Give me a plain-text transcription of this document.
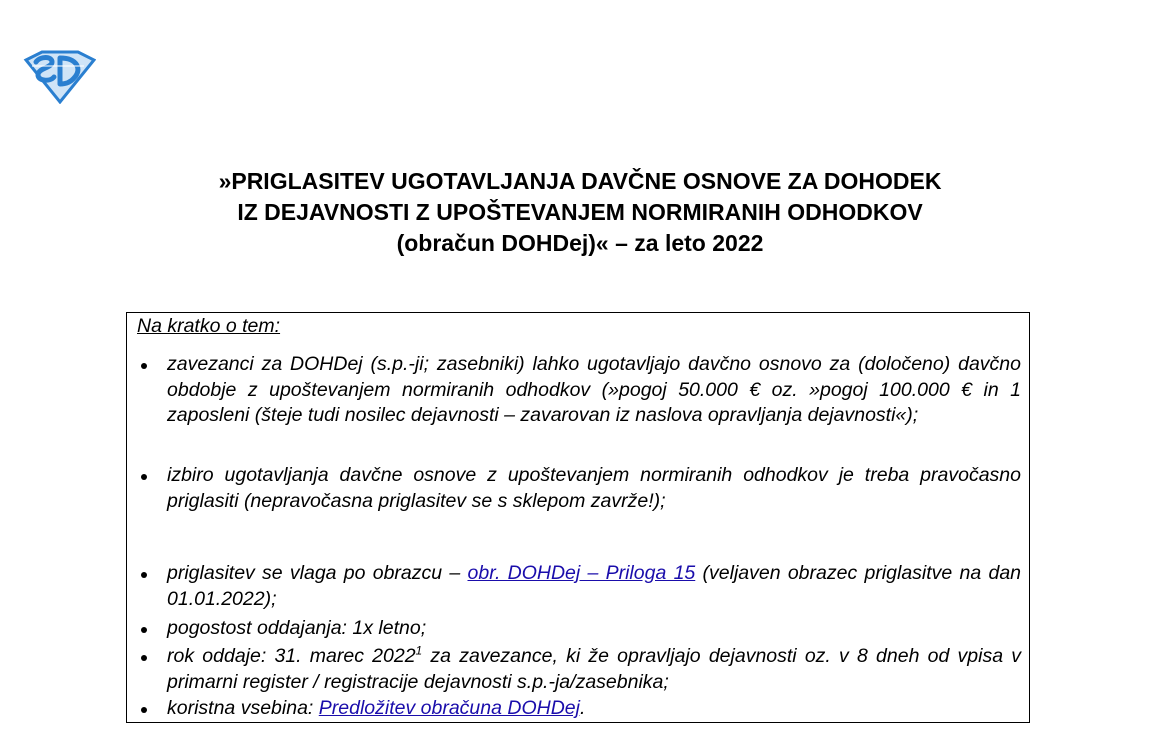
»PRIGLASITEV UGOTAVLJANJA DAVČNE OSNOVE ZA DOHODEK
IZ DEJAVNOSTI Z UPOŠTEVANJEM NORMIRANIH ODHODKOV
(obračun DOHDej)« – za leto 2022
Na kratko o tem:
zavezanci za DOHDej (s.p.-ji; zasebniki) lahko ugotavljajo davčno osnovo za (določeno) davčno obdobje z upoštevanjem normiranih odhodkov (»pogoj 50.000 € oz. »pogoj 100.000 € in 1 zaposleni (šteje tudi nosilec dejavnosti – zavarovan iz naslova opravljanja dejavnosti«);
izbiro ugotavljanja davčne osnove z upoštevanjem normiranih odhodkov je treba pravočasno priglasiti (nepravočasna priglasitev se s sklepom zavrže!);
priglasitev se vlaga po obrazcu – obr. DOHDej – Priloga 15 (veljaven obrazec priglasitve na dan 01.01.2022);
pogostost oddajanja: 1x letno;
rok oddaje: 31. marec 2022$^1$ za zavezance, ki že opravljajo dejavnosti oz. v 8 dneh od vpisa v primarni register / registracije dejavnosti s.p.-ja/zasebnika;
koristna vsebina: Predložitev obračuna DOHDej.
